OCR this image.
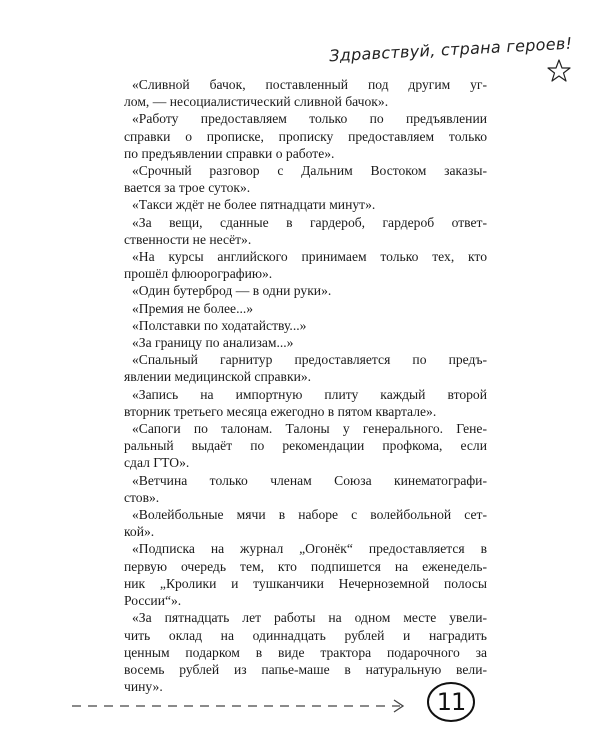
Здравствуй, страна героев!

«Сливной бачок, поставленный под другим уг-
лом, — несоциалистический сливной бачок».

«Работу предоставляем только по предъявлении
справки о прописке, прописку предоставляем только
по предъявлении справки о работе».

«Срочный разговор с Дальним Востоком заказы-
вается за трое суток».

«Такси ждёт не более пятнадцати минут».

«За вещи, сданные в гардероб, гардероб ответ-
ственности не несёт».

«На курсы английского принимаем только тех, кто
прошёл флюорографию».

«Один бутерброд — в одни руки».

«Премия не более...»

«Полставки по ходатайству...»

«За границу по анализам...»

«Спальный гарнитур предоставляется по предъ-
явлении медицинской справки».

«Запись на импортную плиту каждый второй
вторник третьего месяца ежегодно в пятом квартале».

«Сапоги по талонам. Талоны у генерального. Гене-
ральный выдаёт по рекомендации профкома, если
сдал ГТО».

«Ветчина только членам Союза кинематографи-
стов».

«Волейбольные мячи в наборе с волейбольной сет-
кой».

«Подписка на журнал „Огонёк“ предоставляется в
первую очередь тем, кто подпишется на еженедель-
ник „Кролики и тушканчики Нечерноземной полосы
России“».

«За пятнадцать лет работы на одном месте увели-
чить оклад на одиннадцать рублей и наградить
ценным подарком в виде трактора подарочного за
восемь рублей из папье-маше в натуральную вели-
чину».

11
